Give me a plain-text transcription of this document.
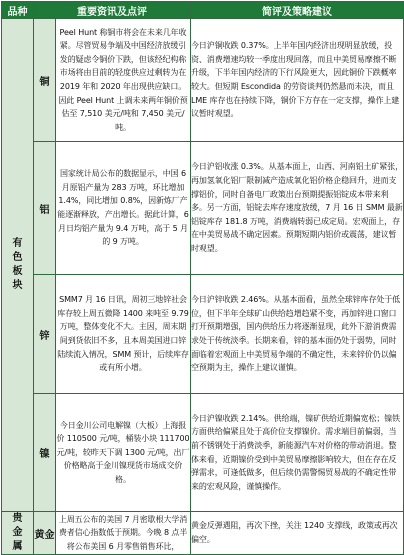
品种	重要资讯及点评		简评及策略建议

有
色
板
块	铜	Peel Hunt 称铜市将会在未来几年收紧。尽管贸易争端及中国经济放缓引发的疑虑令铜价下跌，但该经纪构称市场将由目前的轻度供应过剩转为在 2019 年和 2020 年出现供应缺口。因此 Peel Hunt 上调未来两年铜价预估至 7,510 美元/吨和 7,450 美元/吨。	今日沪铜收跌 0.37%。上半年国内经济出现明显放缓，投资、消费增速均较一季度出现回落，而且中美贸易摩擦不断升级，下半年国内经济的下行风险更大，因此铜价下跌概率较大。但短期 Escondida 的劳资谈判仍然悬而未决，而且 LME 库存也在持续下降，铜价下方存在一定支撑，操作上建议暂时观望。
	铝	国家统计局公布的数据显示，中国 6 月原铝产量为 283 万吨，环比增加 1.4%，同比增加 0.8%，因新炼厂产能逐渐释放，产出增长。据此计算，6 月日均铝产量为 9.4 万吨，高于 5 月的 9 万吨。	今日沪铝收涨 0.3%。从基本面上，山西、河南铝土矿紧张，再加氢氧化铝厂限制减产造成氧化铝价格企稳回升，进而支撑铝价，同时自备电厂政策出台预期提振铝锭成本带来利多。另一方面，铝锭去库存速度放缓，7 月 16 日 SMM 最新铝锭库存 181.8 万吨，消费端转弱已成定局。宏观面上，存在中美贸易战不确定因素。预期短期内铝价或震荡，建议暂时观望。
	锌	SMM7 月 16 日讯，周初三地锌社会库存较上周五微降 1400 来吨至 9.79 万吨，整体变化不大。主因，周末期间到货依旧不多，且本周美国进口锌陆续流入情况，SMM 预计，后续库存或有所小增。	今日沪锌收跌 2.46%。从基本面看，虽然全球锌库存处于低位，但下半年全球矿山供给趋增趋紧不变，再加锌进口窗口打开预期增强，国内供给压力将逐渐显现，此外下游消费需求处于传统淡季。长期来看，锌的基本面仍处于弱势，同时面临着宏观面上中美贸易争端的不确定性，未来锌价仍以偏空预期为主，操作上建议谨慎。
	镍	今日金川公司电解镍（大板）上海报价 110500 元/吨，桶装小块 111700 元/吨，较昨天下调 1300 元/吨，出厂价格略高于金川镍现货市场成交价格。	今日沪镍收跌 2.14%。供给端，镍矿供给近期偏宽松；镍铁方面供给偏紧且处于高价位支撑镍价。需求端目前偏弱，当前不锈钢处于消费淡季，新能源汽车对价格的带动消退。整体来看，近期镍价受到中美贸易摩擦影响较大，但在存在反弹需求，可逢低做多，但后续仍需警惕贸易战的不确定性带来的宏观风险，谨慎操作。

贵
金
属	黄金	上周五公布的美国 7 月密歇根大学消费者信心指数低于预期。今晚 8 点半将公布美国 6 月零售销售环比，	黄金反弹遇阻，再次下挫，关注 1240 支撑线，政策或再次偏空。
